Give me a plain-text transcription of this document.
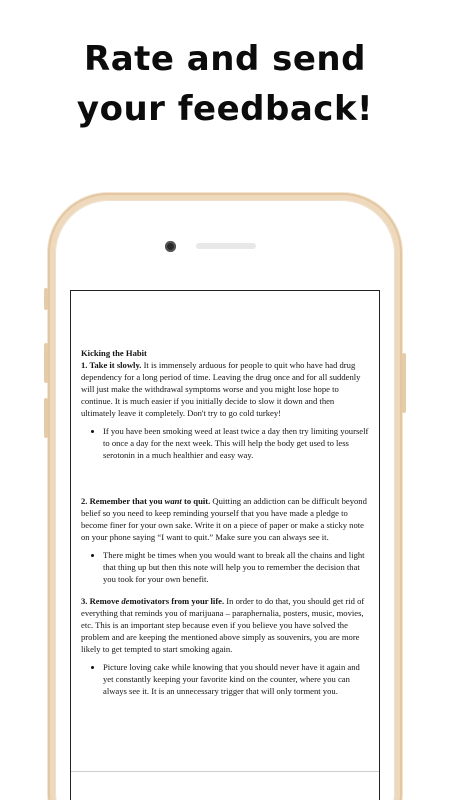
Rate and send
your feedback!

Kicking the Habit

1. Take it slowly. It is immensely arduous for people to quit who have had drug dependency for a long period of time. Leaving the drug once and for all suddenly will just make the withdrawal symptoms worse and you might lose hope to continue. It is much easier if you initially decide to slow it down and then ultimately leave it completely. Don't try to go cold turkey!

• If you have been smoking weed at least twice a day then try limiting yourself to once a day for the next week. This will help the body get used to less serotonin in a much healthier and easy way.

2. Remember that you want to quit. Quitting an addiction can be difficult beyond belief so you need to keep reminding yourself that you have made a pledge to become finer for your own sake. Write it on a piece of paper or make a sticky note on your phone saying “I want to quit.” Make sure you can always see it.

• There might be times when you would want to break all the chains and light that thing up but then this note will help you to remember the decision that you took for your own benefit.

3. Remove demotivators from your life. In order to do that, you should get rid of everything that reminds you of marijuana – paraphernalia, posters, music, movies, etc. This is an important step because even if you believe you have solved the problem and are keeping the mentioned above simply as souvenirs, you are more likely to get tempted to start smoking again.

• Picture loving cake while knowing that you should never have it again and yet constantly keeping your favorite kind on the counter, where you can always see it. It is an unnecessary trigger that will only torment you.
